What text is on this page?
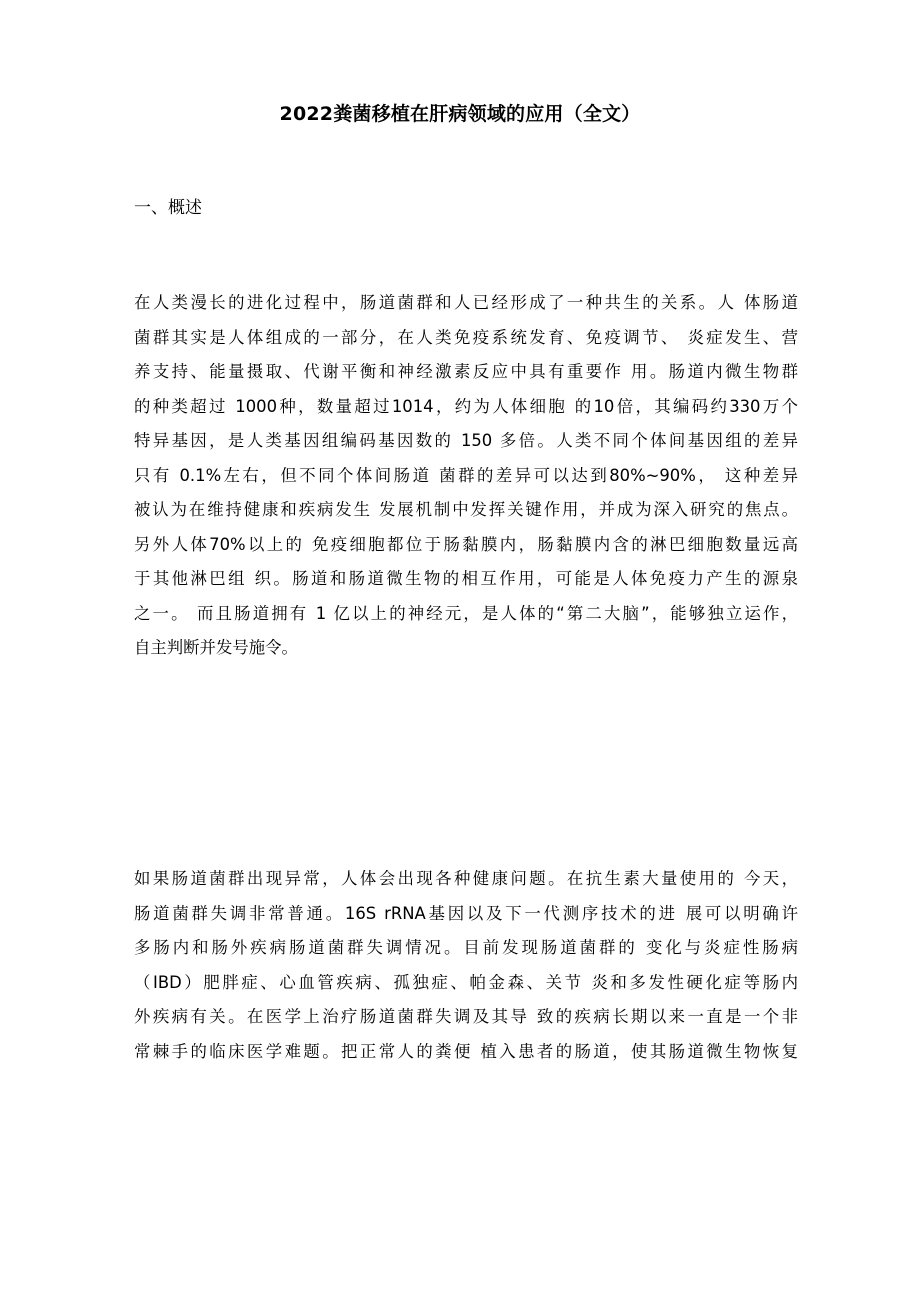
2022粪菌移植在肝病领域的应用（全文）
一、概述
在人类漫长的进化过程中，肠道菌群和人已经形成了一种共生的关系。人 体肠道
菌群其实是人体组成的一部分，在人类免疫系统发育、免疫调节、 炎症发生、营
养支持、能量摄取、代谢平衡和神经激素反应中具有重要作 用。肠道内微生物群
的种类超过 1000种，数量超过1014，约为人体细胞 的10倍，其编码约330万个
特异基因，是人类基因组编码基因数的 150 多倍。人类不同个体间基因组的差异
只有 0.1%左右，但不同个体间肠道 菌群的差异可以达到80%~90%， 这种差异
被认为在维持健康和疾病发生 发展机制中发挥关键作用，并成为深入研究的焦点。
另外人体70%以上的 免疫细胞都位于肠黏膜内，肠黏膜内含的淋巴细胞数量远高
于其他淋巴组 织。肠道和肠道微生物的相互作用，可能是人体免疫力产生的源泉
之一。 而且肠道拥有 1 亿以上的神经元，是人体的“第二大脑”，能够独立运作，
自主判断并发号施令。
如果肠道菌群出现异常，人体会出现各种健康问题。在抗生素大量使用的 今天，
肠道菌群失调非常普通。16S rRNA基因以及下一代测序技术的进 展可以明确许
多肠内和肠外疾病肠道菌群失调情况。目前发现肠道菌群的 变化与炎症性肠病
（IBD）肥胖症、心血管疾病、孤独症、帕金森、关节 炎和多发性硬化症等肠内
外疾病有关。在医学上治疗肠道菌群失调及其导 致的疾病长期以来一直是一个非
常棘手的临床医学难题。把正常人的粪便 植入患者的肠道，使其肠道微生物恢复
